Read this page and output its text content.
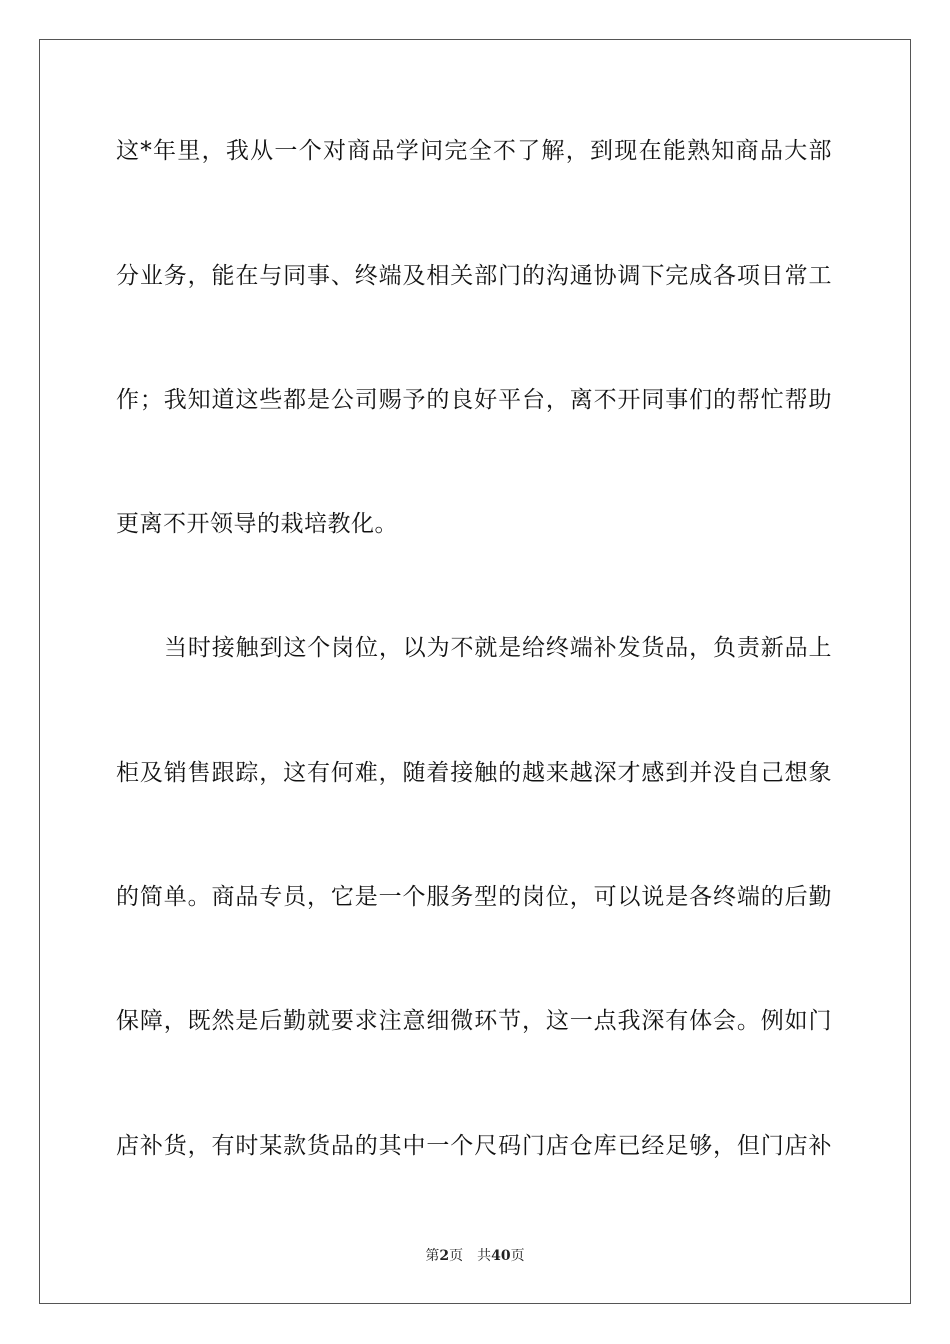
这*年里，我从一个对商品学问完全不了解，到现在能熟知商品大部
分业务，能在与同事、终端及相关部门的沟通协调下完成各项日常工
作；我知道这些都是公司赐予的良好平台，离不开同事们的帮忙帮助
更离不开领导的栽培教化。
当时接触到这个岗位，以为不就是给终端补发货品，负责新品上
柜及销售跟踪，这有何难，随着接触的越来越深才感到并没自己想象
的简单。商品专员，它是一个服务型的岗位，可以说是各终端的后勤
保障，既然是后勤就要求注意细微环节，这一点我深有体会。例如门
店补货，有时某款货品的其中一个尺码门店仓库已经足够，但门店补
第2页 共40页
